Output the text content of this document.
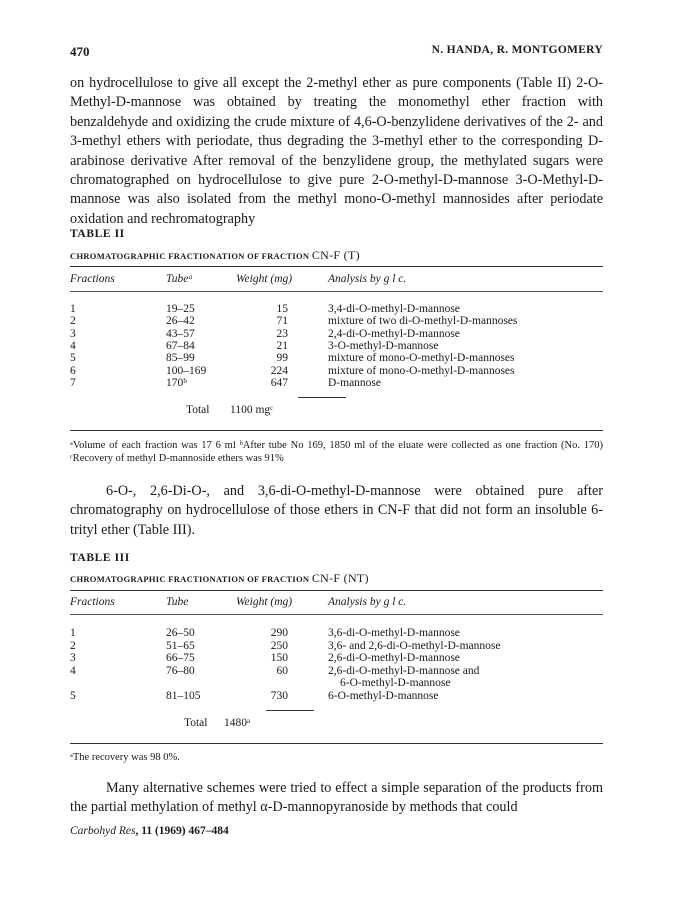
470	N. HANDA, R. MONTGOMERY

on hydrocellulose to give all except the 2-methyl ether as pure components (Table II) 2-O-Methyl-D-mannose was obtained by treating the monomethyl ether fraction with benzaldehyde and oxidizing the crude mixture of 4,6-O-benzylidene derivatives of the 2- and 3-methyl ethers with periodate, thus degrading the 3-methyl ether to the corresponding D-arabinose derivative After removal of the benzylidene group, the methylated sugars were chromatographed on hydrocellulose to give pure 2-O-methyl-D-mannose 3-O-Methyl-D-mannose was also isolated from the methyl mono-O-methyl mannosides after periodate oxidation and rechromatography

TABLE II
CHROMATOGRAPHIC FRACTIONATION OF FRACTION CN-F (T)
Fractions	Tubeᵃ	Weight (mg)	Analysis by g l c.
1	19–25	15	3,4-di-O-methyl-D-mannose
2	26–42	71	mixture of two di-O-methyl-D-mannoses
3	43–57	23	2,4-di-O-methyl-D-mannose
4	67–84	21	3-O-methyl-D-mannose
5	85–99	99	mixture of mono-O-methyl-D-mannoses
6	100–169	224	mixture of mono-O-methyl-D-mannoses
7	170ᵇ	647	D-mannose
Total 1100 mgᶜ
ᵃVolume of each fraction was 17 6 ml ᵇAfter tube No 169, 1850 ml of the eluate were collected as one fraction (No. 170) ᶜRecovery of methyl D-mannoside ethers was 91%

6-O-, 2,6-Di-O-, and 3,6-di-O-methyl-D-mannose were obtained pure after chromatography on hydrocellulose of those ethers in CN-F that did not form an insoluble 6-trityl ether (Table III).

TABLE III
CHROMATOGRAPHIC FRACTIONATION OF FRACTION CN-F (NT)
Fractions	Tube	Weight (mg)	Analysis by g l c.
1	26–50	290	3,6-di-O-methyl-D-mannose
2	51–65	250	3,6- and 2,6-di-O-methyl-D-mannose
3	66–75	150	2,6-di-O-methyl-D-mannose
4	76–80	60	2,6-di-O-methyl-D-mannose and
6-O-methyl-D-mannose
5	81–105	730	6-O-methyl-D-mannose
Total 1480ᵃ
ᵃThe recovery was 98 0%.

Many alternative schemes were tried to effect a simple separation of the products from the partial methylation of methyl α-D-mannopyranoside by methods that could

Carbohyd Res, 11 (1969) 467–484
